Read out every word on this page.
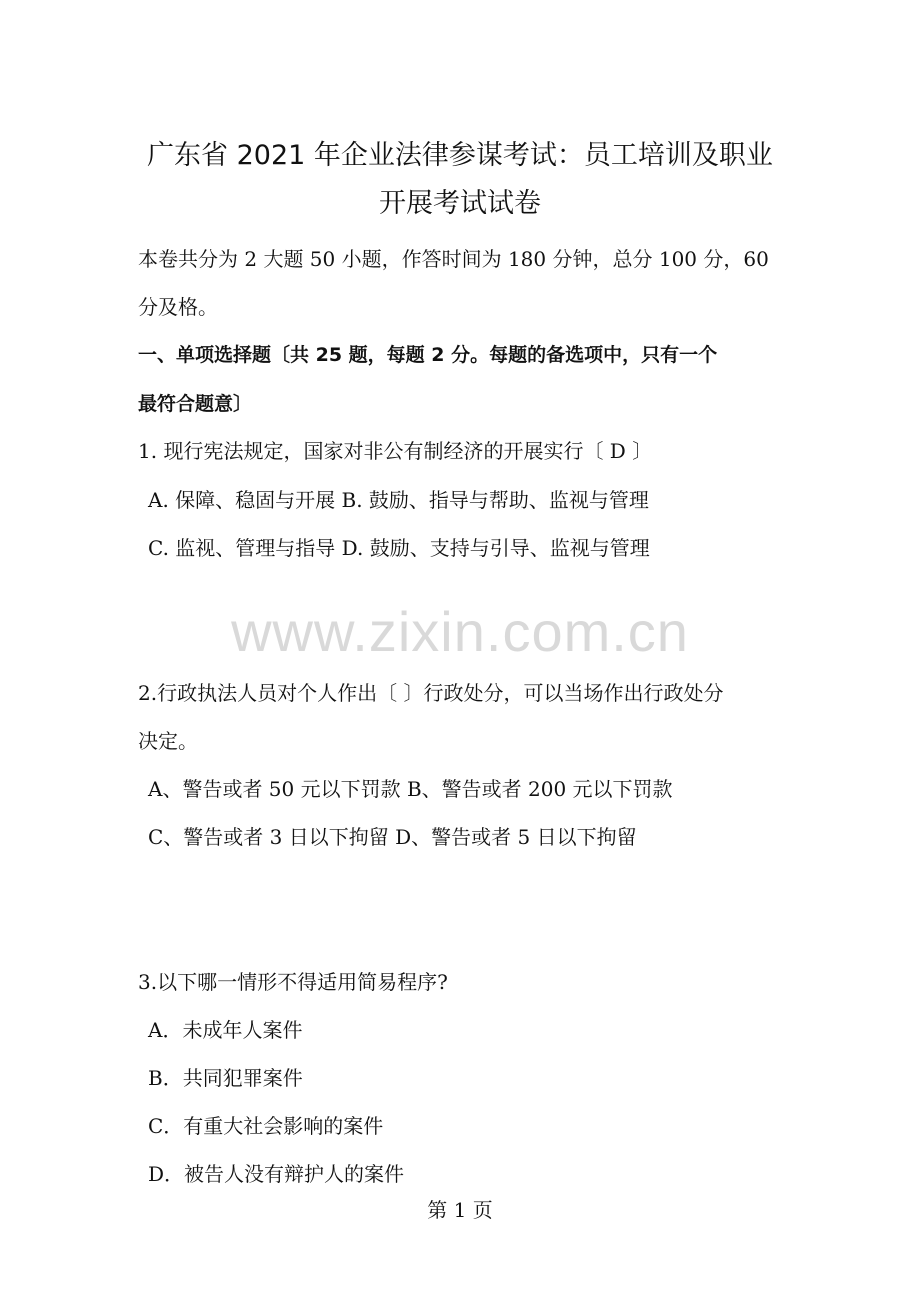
广东省 2021 年企业法律参谋考试：员工培训及职业
开展考试试卷
本卷共分为 2 大题 50 小题，作答时间为 180 分钟，总分 100 分，60
分及格。
一、单项选择题〔共 25 题，每题 2 分。每题的备选项中，只有一个
最符合题意〕
1. 现行宪法规定，国家对非公有制经济的开展实行〔 D 〕
A. 保障、稳固与开展 B. 鼓励、指导与帮助、监视与管理
C. 监视、管理与指导 D. 鼓励、支持与引导、监视与管理
www.zixin.com.cn
2.行政执法人员对个人作出〔 〕行政处分，可以当场作出行政处分
决定。
A、警告或者 50 元以下罚款 B、警告或者 200 元以下罚款
C、警告或者 3 日以下拘留 D、警告或者 5 日以下拘留
3.以下哪一情形不得适用简易程序?
A．未成年人案件
B．共同犯罪案件
C．有重大社会影响的案件
D．被告人没有辩护人的案件
第 1 页
